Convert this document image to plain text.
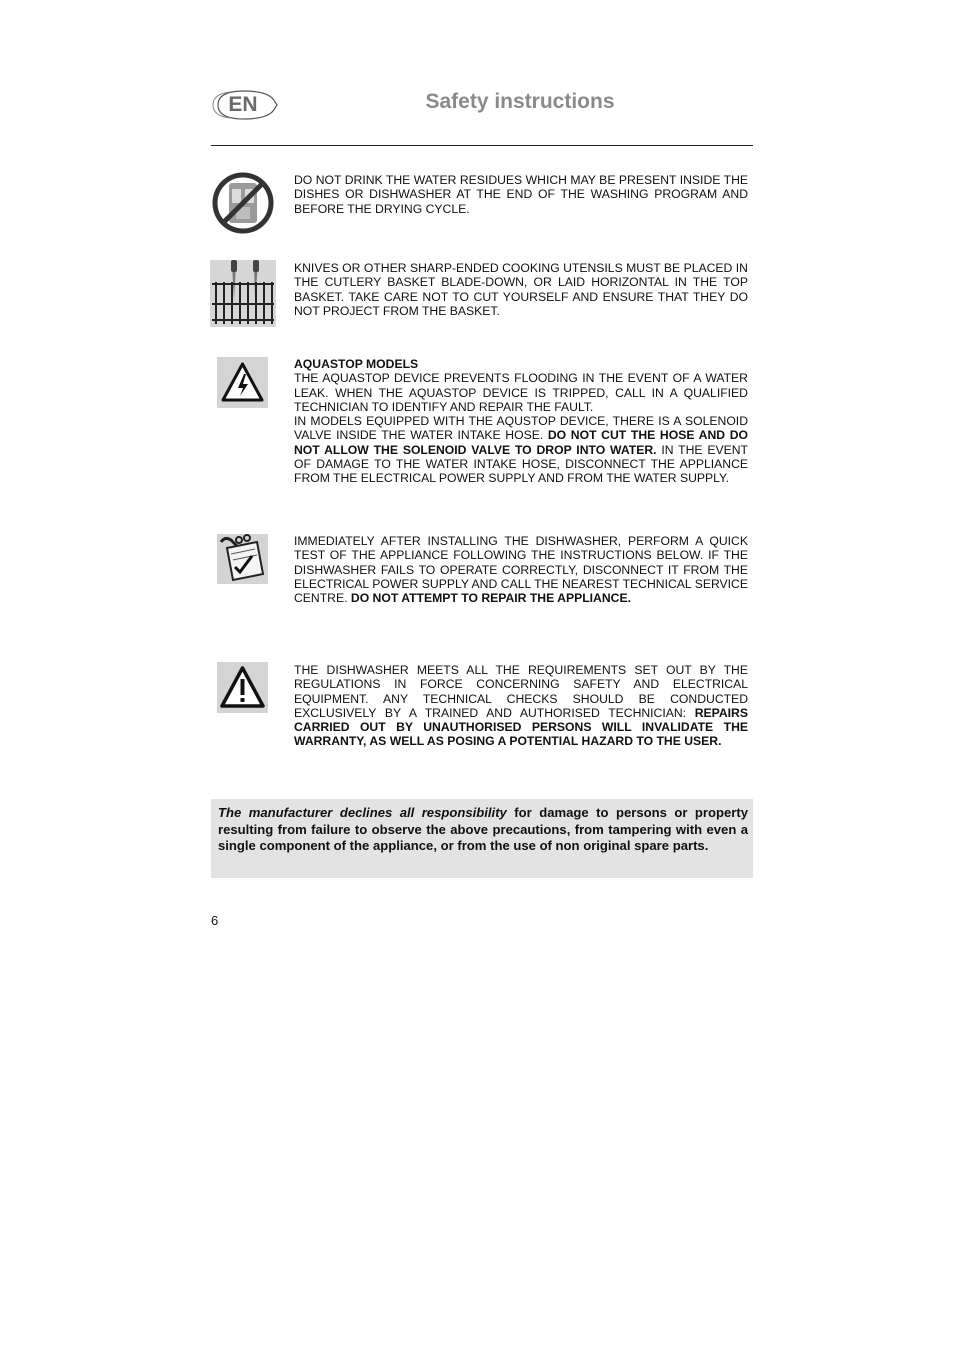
EN	Safety instructions

DO NOT DRINK THE WATER RESIDUES WHICH MAY BE PRESENT INSIDE THE DISHES OR DISHWASHER AT THE END OF THE WASHING PROGRAM AND BEFORE THE DRYING CYCLE.

KNIVES OR OTHER SHARP-ENDED COOKING UTENSILS MUST BE PLACED IN THE CUTLERY BASKET BLADE-DOWN, OR LAID HORIZONTAL IN THE TOP BASKET. TAKE CARE NOT TO CUT YOURSELF AND ENSURE THAT THEY DO NOT PROJECT FROM THE BASKET.

AQUASTOP MODELS

THE AQUASTOP DEVICE PREVENTS FLOODING IN THE EVENT OF A WATER LEAK. WHEN THE AQUASTOP DEVICE IS TRIPPED, CALL IN A QUALIFIED TECHNICIAN TO IDENTIFY AND REPAIR THE FAULT.

IN MODELS EQUIPPED WITH THE AQUSTOP DEVICE, THERE IS A SOLENOID VALVE INSIDE THE WATER INTAKE HOSE. DO NOT CUT THE HOSE AND DO NOT ALLOW THE SOLENOID VALVE TO DROP INTO WATER. IN THE EVENT OF DAMAGE TO THE WATER INTAKE HOSE, DISCONNECT THE APPLIANCE FROM THE ELECTRICAL POWER SUPPLY AND FROM THE WATER SUPPLY.

IMMEDIATELY AFTER INSTALLING THE DISHWASHER, PERFORM A QUICK TEST OF THE APPLIANCE FOLLOWING THE INSTRUCTIONS BELOW. IF THE DISHWASHER FAILS TO OPERATE CORRECTLY, DISCONNECT IT FROM THE ELECTRICAL POWER SUPPLY AND CALL THE NEAREST TECHNICAL SERVICE CENTRE. DO NOT ATTEMPT TO REPAIR THE APPLIANCE.

THE DISHWASHER MEETS ALL THE REQUIREMENTS SET OUT BY THE REGULATIONS IN FORCE CONCERNING SAFETY AND ELECTRICAL EQUIPMENT. ANY TECHNICAL CHECKS SHOULD BE CONDUCTED EXCLUSIVELY BY A TRAINED AND AUTHORISED TECHNICIAN: REPAIRS CARRIED OUT BY UNAUTHORISED PERSONS WILL INVALIDATE THE WARRANTY, AS WELL AS POSING A POTENTIAL HAZARD TO THE USER.

The manufacturer declines all responsibility for damage to persons or property resulting from failure to observe the above precautions, from tampering with even a single component of the appliance, or from the use of non original spare parts.

6
